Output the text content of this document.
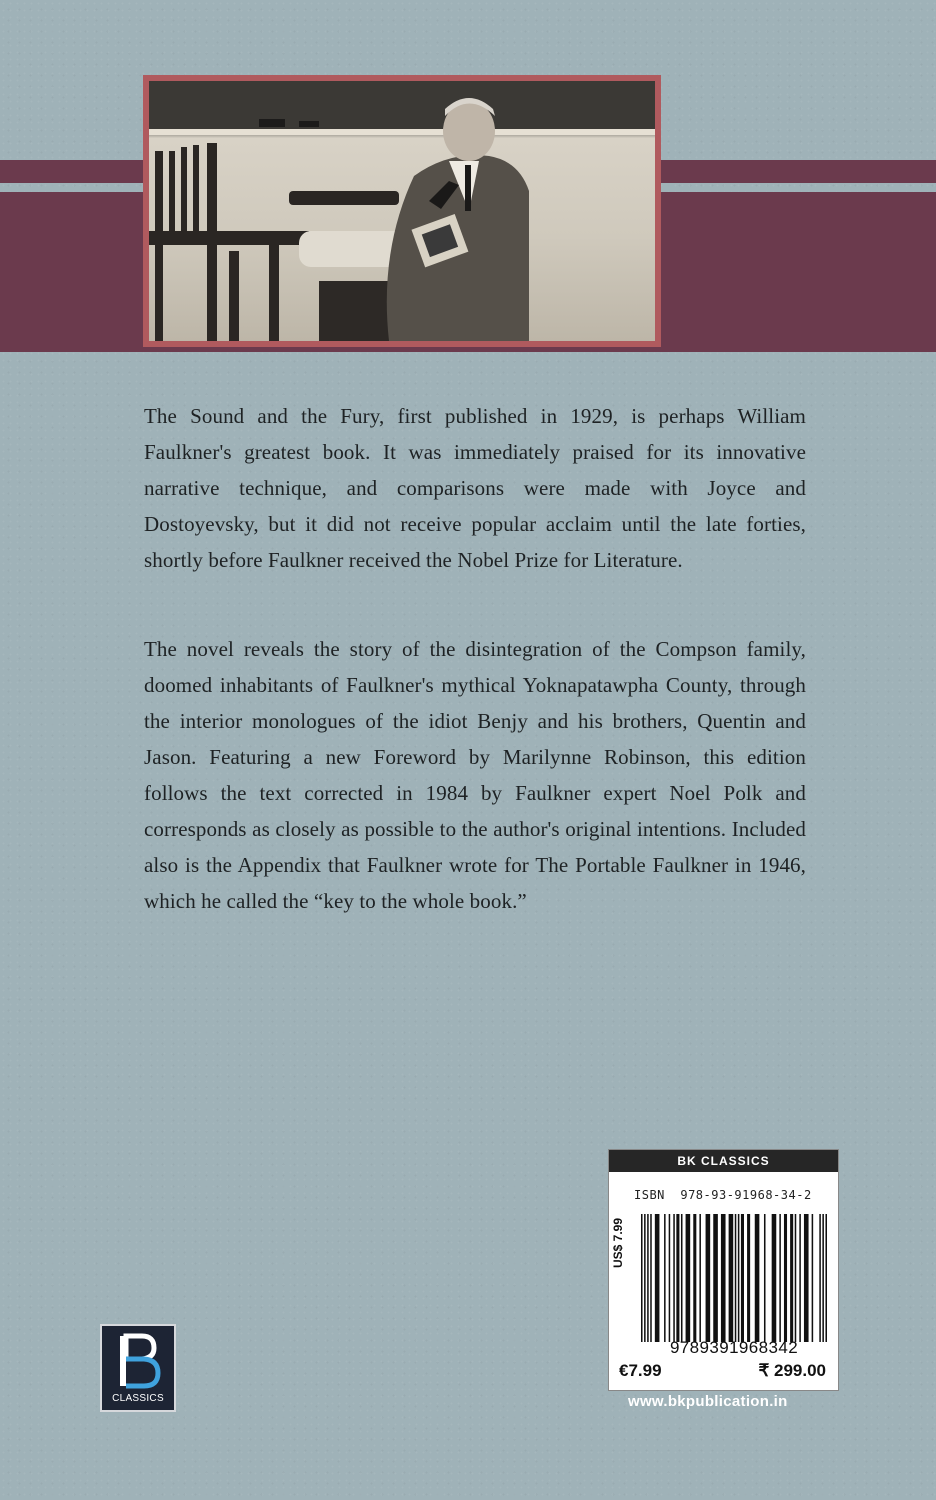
The Sound and the Fury, first published in 1929, is perhaps William Faulkner's greatest book. It was immediately praised for its innovative narrative technique, and comparisons were made with Joyce and Dostoyevsky, but it did not receive popular acclaim until the late forties, shortly before Faulkner received the Nobel Prize for Literature.

The novel reveals the story of the disintegration of the Compson family, doomed inhabitants of Faulkner's mythical Yoknapatawpha County, through the interior monologues of the idiot Benjy and his brothers, Quentin and Jason. Featuring a new Foreword by Marilynne Robinson, this edition follows the text corrected in 1984 by Faulkner expert Noel Polk and corresponds as closely as possible to the author's original intentions. Included also is the Appendix that Faulkner wrote for The Portable Faulkner in 1946, which he called the “key to the whole book.”

CLASSICS
BK CLASSICS
ISBN  978-93-91968-34-2
US$ 7.99
9789391968342
€7.99	₹ 299.00
www.bkpublication.in
